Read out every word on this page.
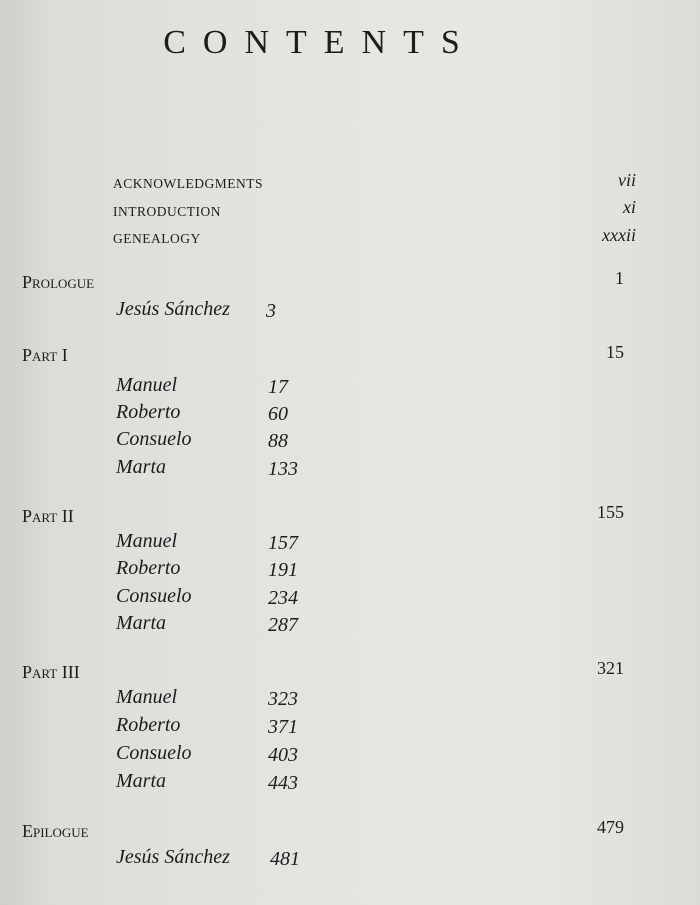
CONTENTS
ACKNOWLEDGMENTS	vii
INTRODUCTION	xi
GENEALOGY	xxxii
Prologue	1
Jesús Sánchez 3
Part I	15
Manuel	17
Roberto	60
Consuelo	88
Marta	133
Part II	155
Manuel	157
Roberto	191
Consuelo	234
Marta	287
Part III	321
Manuel	323
Roberto	371
Consuelo	403
Marta	443
Epilogue	479
Jesús Sánchez 481
